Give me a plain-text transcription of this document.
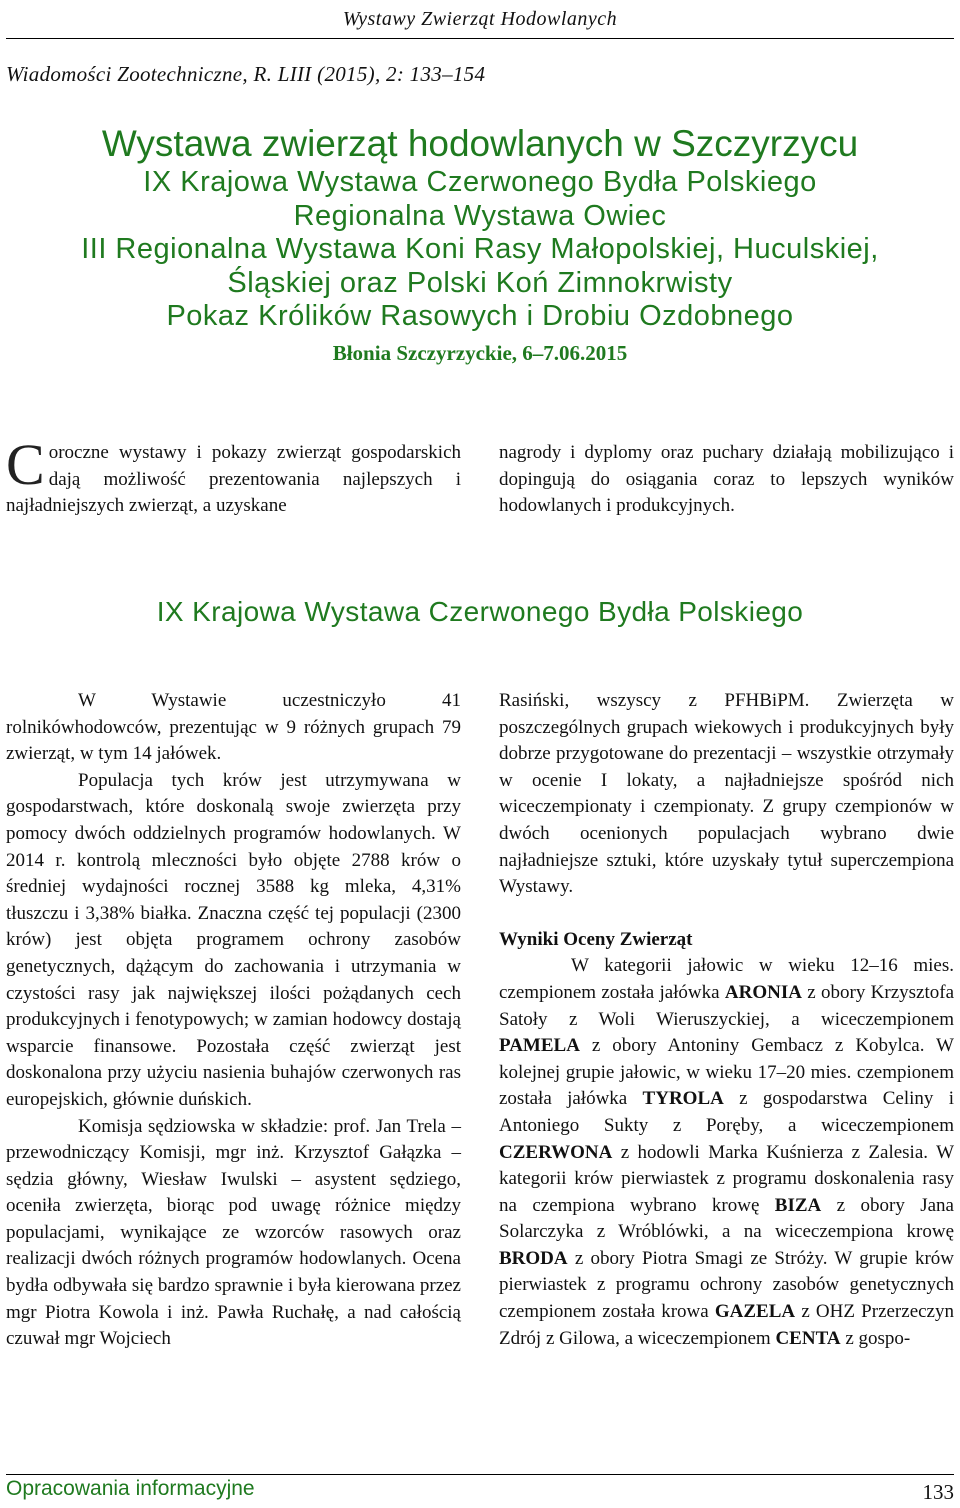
Wystawy Zwierząt Hodowlanych
Wiadomości Zootechniczne, R. LIII (2015), 2: 133–154

Wystawa zwierząt hodowlanych w Szczyrzycu

IX Krajowa Wystawa Czerwonego Bydła Polskiego

Regionalna Wystawa Owiec

III Regionalna Wystawa Koni Rasy Małopolskiej, Huculskiej,

Śląskiej oraz Polski Koń Zimnokrwisty

Pokaz Królików Rasowych i Drobiu Ozdobnego

Błonia Szczyrzyckie, 6–7.06.2015

Coroczne wystawy i pokazy zwierząt gospodarskich dają możliwość prezentowania najlepszych i najładniejszych zwierząt, a uzyskane
nagrody i dyplomy oraz puchary działają mobilizująco i dopingują do osiągania coraz to lepszych wyników hodowlanych i produkcyjnych.
IX Krajowa Wystawa Czerwonego Bydła Polskiego

W Wystawie uczestniczyło 41 rolnikówhodowców, prezentując w 9 różnych grupach 79 zwierząt, w tym 14 jałówek.

Populacja tych krów jest utrzymywana w gospodarstwach, które doskonalą swoje zwierzęta przy pomocy dwóch oddzielnych programów hodowlanych. W 2014 r. kontrolą mleczności było objęte 2788 krów o średniej wydajności rocznej 3588 kg mleka, 4,31% tłuszczu i 3,38% białka. Znaczna część tej populacji (2300 krów) jest objęta programem ochrony zasobów genetycznych, dążącym do zachowania i utrzymania w czystości rasy jak największej ilości pożądanych cech produkcyjnych i fenotypowych; w zamian hodowcy dostają wsparcie finansowe. Pozostała część zwierząt jest doskonalona przy użyciu nasienia buhajów czerwonych ras europejskich, głównie duńskich.

Komisja sędziowska w składzie: prof. Jan Trela – przewodniczący Komisji, mgr inż. Krzysztof Gałązka – sędzia główny, Wiesław Iwulski – asystent sędziego, oceniła zwierzęta, biorąc pod uwagę różnice między populacjami, wynikające ze wzorców rasowych oraz realizacji dwóch różnych programów hodowlanych. Ocena bydła odbywała się bardzo sprawnie i była kierowana przez mgr Piotra Kowola i inż. Pawła Ruchałę, a nad całością czuwał mgr Wojciech

Rasiński, wszyscy z PFHBiPM. Zwierzęta w poszczególnych grupach wiekowych i produkcyjnych były dobrze przygotowane do prezentacji – wszystkie otrzymały w ocenie I lokaty, a najładniejsze spośród nich wiceczempionaty i czempionaty. Z grupy czempionów w dwóch ocenionych populacjach wybrano dwie najładniejsze sztuki, które uzyskały tytuł superczempiona Wystawy.

Wyniki Oceny Zwierząt

W kategorii jałowic w wieku 12–16 mies. czempionem została jałówka ARONIA z obory Krzysztofa Satoły z Woli Wieruszyckiej, a wiceczempionem PAMELA z obory Antoniny Gembacz z Kobylca. W kolejnej grupie jałowic, w wieku 17–20 mies. czempionem została jałówka TYROLA z gospodarstwa Celiny i Antoniego Sukty z Poręby, a wiceczempionem CZERWONA z hodowli Marka Kuśnierza z Zalesia. W kategorii krów pierwiastek z programu doskonalenia rasy na czempiona wybrano krowę BIZA z obory Jana Solarczyka z Wróblówki, a na wiceczempiona krowę BRODA z obory Piotra Smagi ze Stróży. W grupie krów pierwiastek z programu ochrony zasobów genetycznych czempionem została krowa GAZELA z OHZ Przerzeczyn Zdrój z Gilowa, a wiceczempionem CENTA z gospo-

Opracowania informacyjne	133
